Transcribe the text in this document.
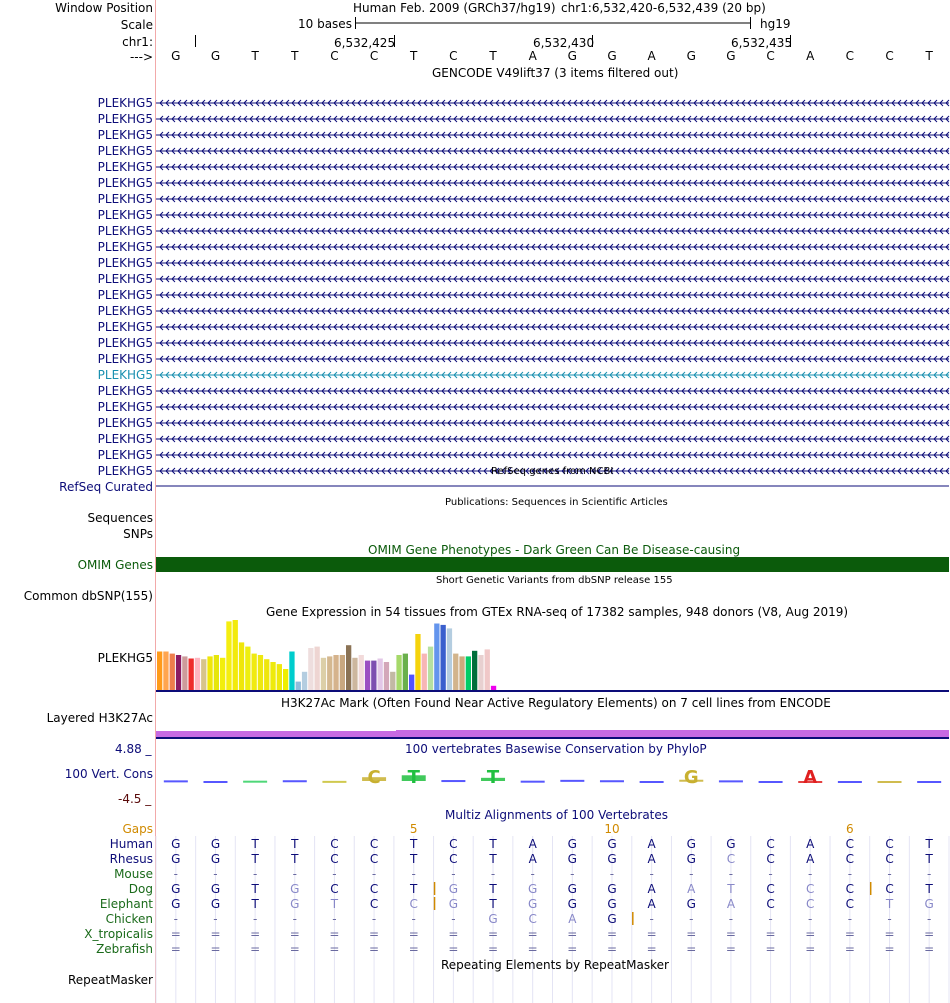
Window Position
Scale
chr1:
--->
Human Feb. 2009 (GRCh37/hg19) chr1:6,532,420-6,532,439 (20 bp)
10 bases	hg19
6,532,425	6,532,430	6,532,435
G	G	T	T	C	C	T	C	T	A	G	G	A	G	G	C	A	C	C	T
C T	T	G	A
GENCODE V49lift37 (3 items filtered out)
PLEKHG5
PLEKHG5
PLEKHG5
PLEKHG5
PLEKHG5
PLEKHG5
PLEKHG5
PLEKHG5
PLEKHG5
PLEKHG5
PLEKHG5
PLEKHG5
PLEKHG5
PLEKHG5
PLEKHG5
PLEKHG5
PLEKHG5
PLEKHG5
PLEKHG5
PLEKHG5
PLEKHG5
PLEKHG5
PLEKHG5
PLEKHG5	RefSeq genes from NCBI
RefSeq Curated
Publications: Sequences in Scientific Articles
Sequences
SNPs
OMIM Gene Phenotypes - Dark Green Can Be Disease-causing
OMIM Genes
Short Genetic Variants from dbSNP release 155
Common dbSNP(155)
Gene Expression in 54 tissues from GTEx RNA-seq of 17382 samples, 948 donors (V8, Aug 2019)
PLEKHG5
H3K27Ac Mark (Often Found Near Active Regulatory Elements) on 7 cell lines from ENCODE
Layered H3K27Ac
100 vertebrates Basewise Conservation by PhyloP
100 Vert. Cons
4.88 _
-4.5 _
Multiz Alignments of 100 Vertebrates
Gaps	5	10	6
Human G	G	T	T	C	C	T	C	T	A	G	G	A	G	G	C	A	C	C	T
Rhesus G	G	T	T	C	C	T	C	T	A	G	G	A	G	C	C	A	C	C	T
Mouse	-	-	-	-	-	-	-	-	-	-	-	-	-	-	-	-	-	-	-	-
Dog G	G	T	G	C	C	T	G	T	G	G	G	A	A	T	C	C	C	C	T
Elephant G	G	T	G	T	C	C	G	T	G	G	G	A	G	A	C	C	C	T	G
Chicken	-	-	-	-	-	-	-	-	G	C	A	G	-	-	-	-	-	-	-	-
X_tropicalis = = = = = = = = = = = = = = = = = = = =
Zebrafish = = = = = = = = = = = = = = = = = = = =
Repeating Elements by RepeatMasker
RepeatMasker
